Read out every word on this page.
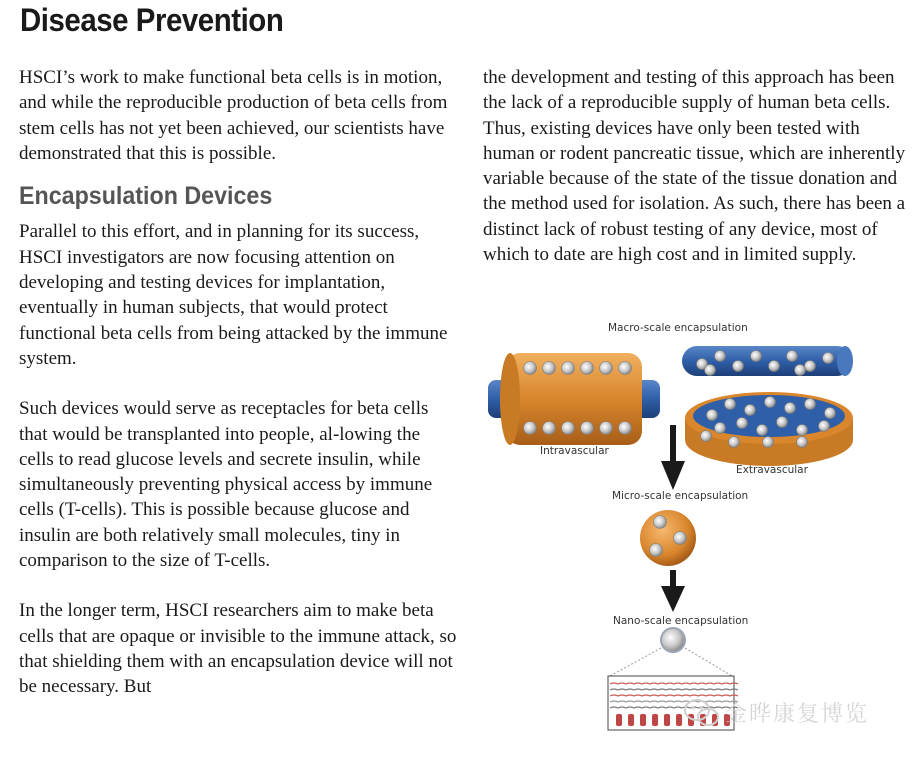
Disease Prevention

HSCI’s work to make functional beta cells is in motion, and while the reproducible production of beta cells from stem cells has not yet been achieved, our scientists have demonstrated that this is possible.

Encapsulation Devices

Parallel to this effort, and in planning for its success, HSCI investigators are now focusing attention on developing and testing devices for implantation, eventually in human subjects, that would protect functional beta cells from being attacked by the immune system.

Such devices would serve as receptacles for beta cells that would be transplanted into people, al-lowing the cells to read glucose levels and secrete insulin, while simultaneously preventing physical access by immune cells (T-cells). This is possible because glucose and insulin are both relatively small molecules, tiny in comparison to the size of T-cells.

In the longer term, HSCI researchers aim to make beta cells that are opaque or invisible to the immune attack, so that shielding them with an encapsulation device will not be necessary. But

the development and testing of this approach has been the lack of a reproducible supply of human beta cells. Thus, existing devices have only been tested with human or rodent pancreatic tissue, which are inherently variable because of the state of the tissue donation and the method used for isolation. As such, there has been a distinct lack of robust testing of any device, most of which to date are high cost and in limited supply.

Macro-scale encapsulation
Intravascular
Extravascular
Micro-scale encapsulation
Nano-scale encapsulation
金晔康复博览
